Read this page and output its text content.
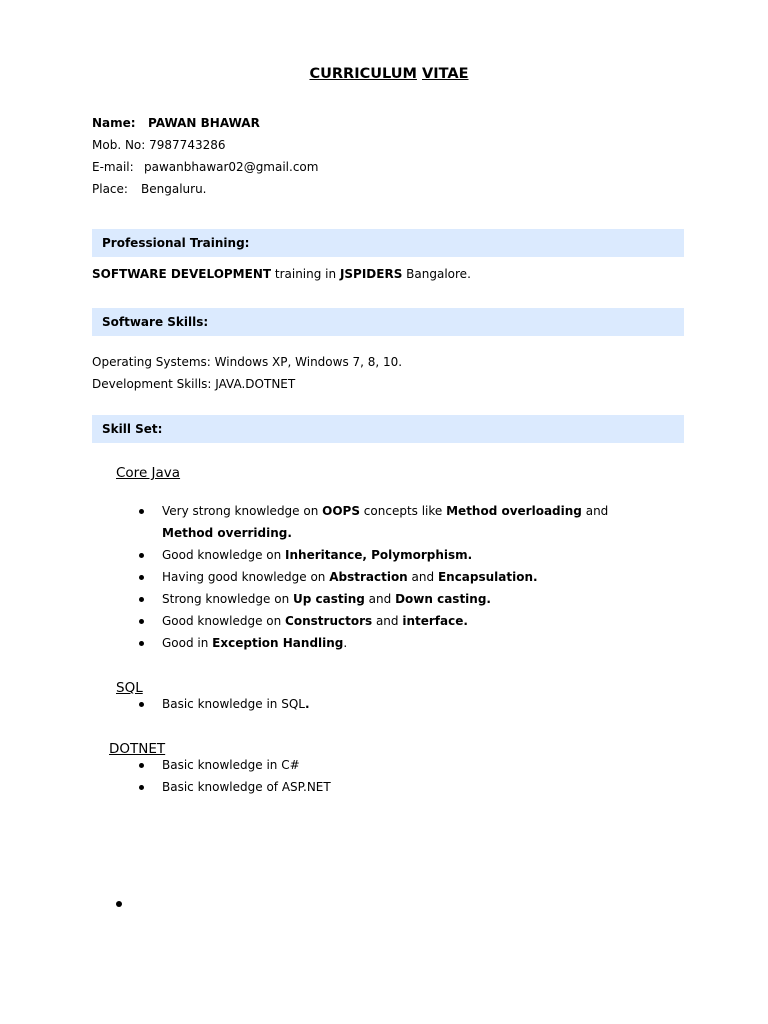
CURRICULUM VITAE
Name: PAWAN BHAWAR
Mob. No: 7987743286
E-mail: pawanbhawar02@gmail.com
Place: Bengaluru.
Professional Training:
SOFTWARE DEVELOPMENT training in JSPIDERS Bangalore.
Software Skills:
Operating Systems: Windows XP, Windows 7, 8, 10.
Development Skills: JAVA.DOTNET
Skill Set:
Core Java
Very strong knowledge on OOPS concepts like Method overloading and Method overriding.
Good knowledge on Inheritance, Polymorphism.
Having good knowledge on Abstraction and Encapsulation.
Strong knowledge on Up casting and Down casting.
Good knowledge on Constructors and interface.
Good in Exception Handling.
SQL
Basic knowledge in SQL.
DOTNET
Basic knowledge in C#
Basic knowledge of ASP.NET
